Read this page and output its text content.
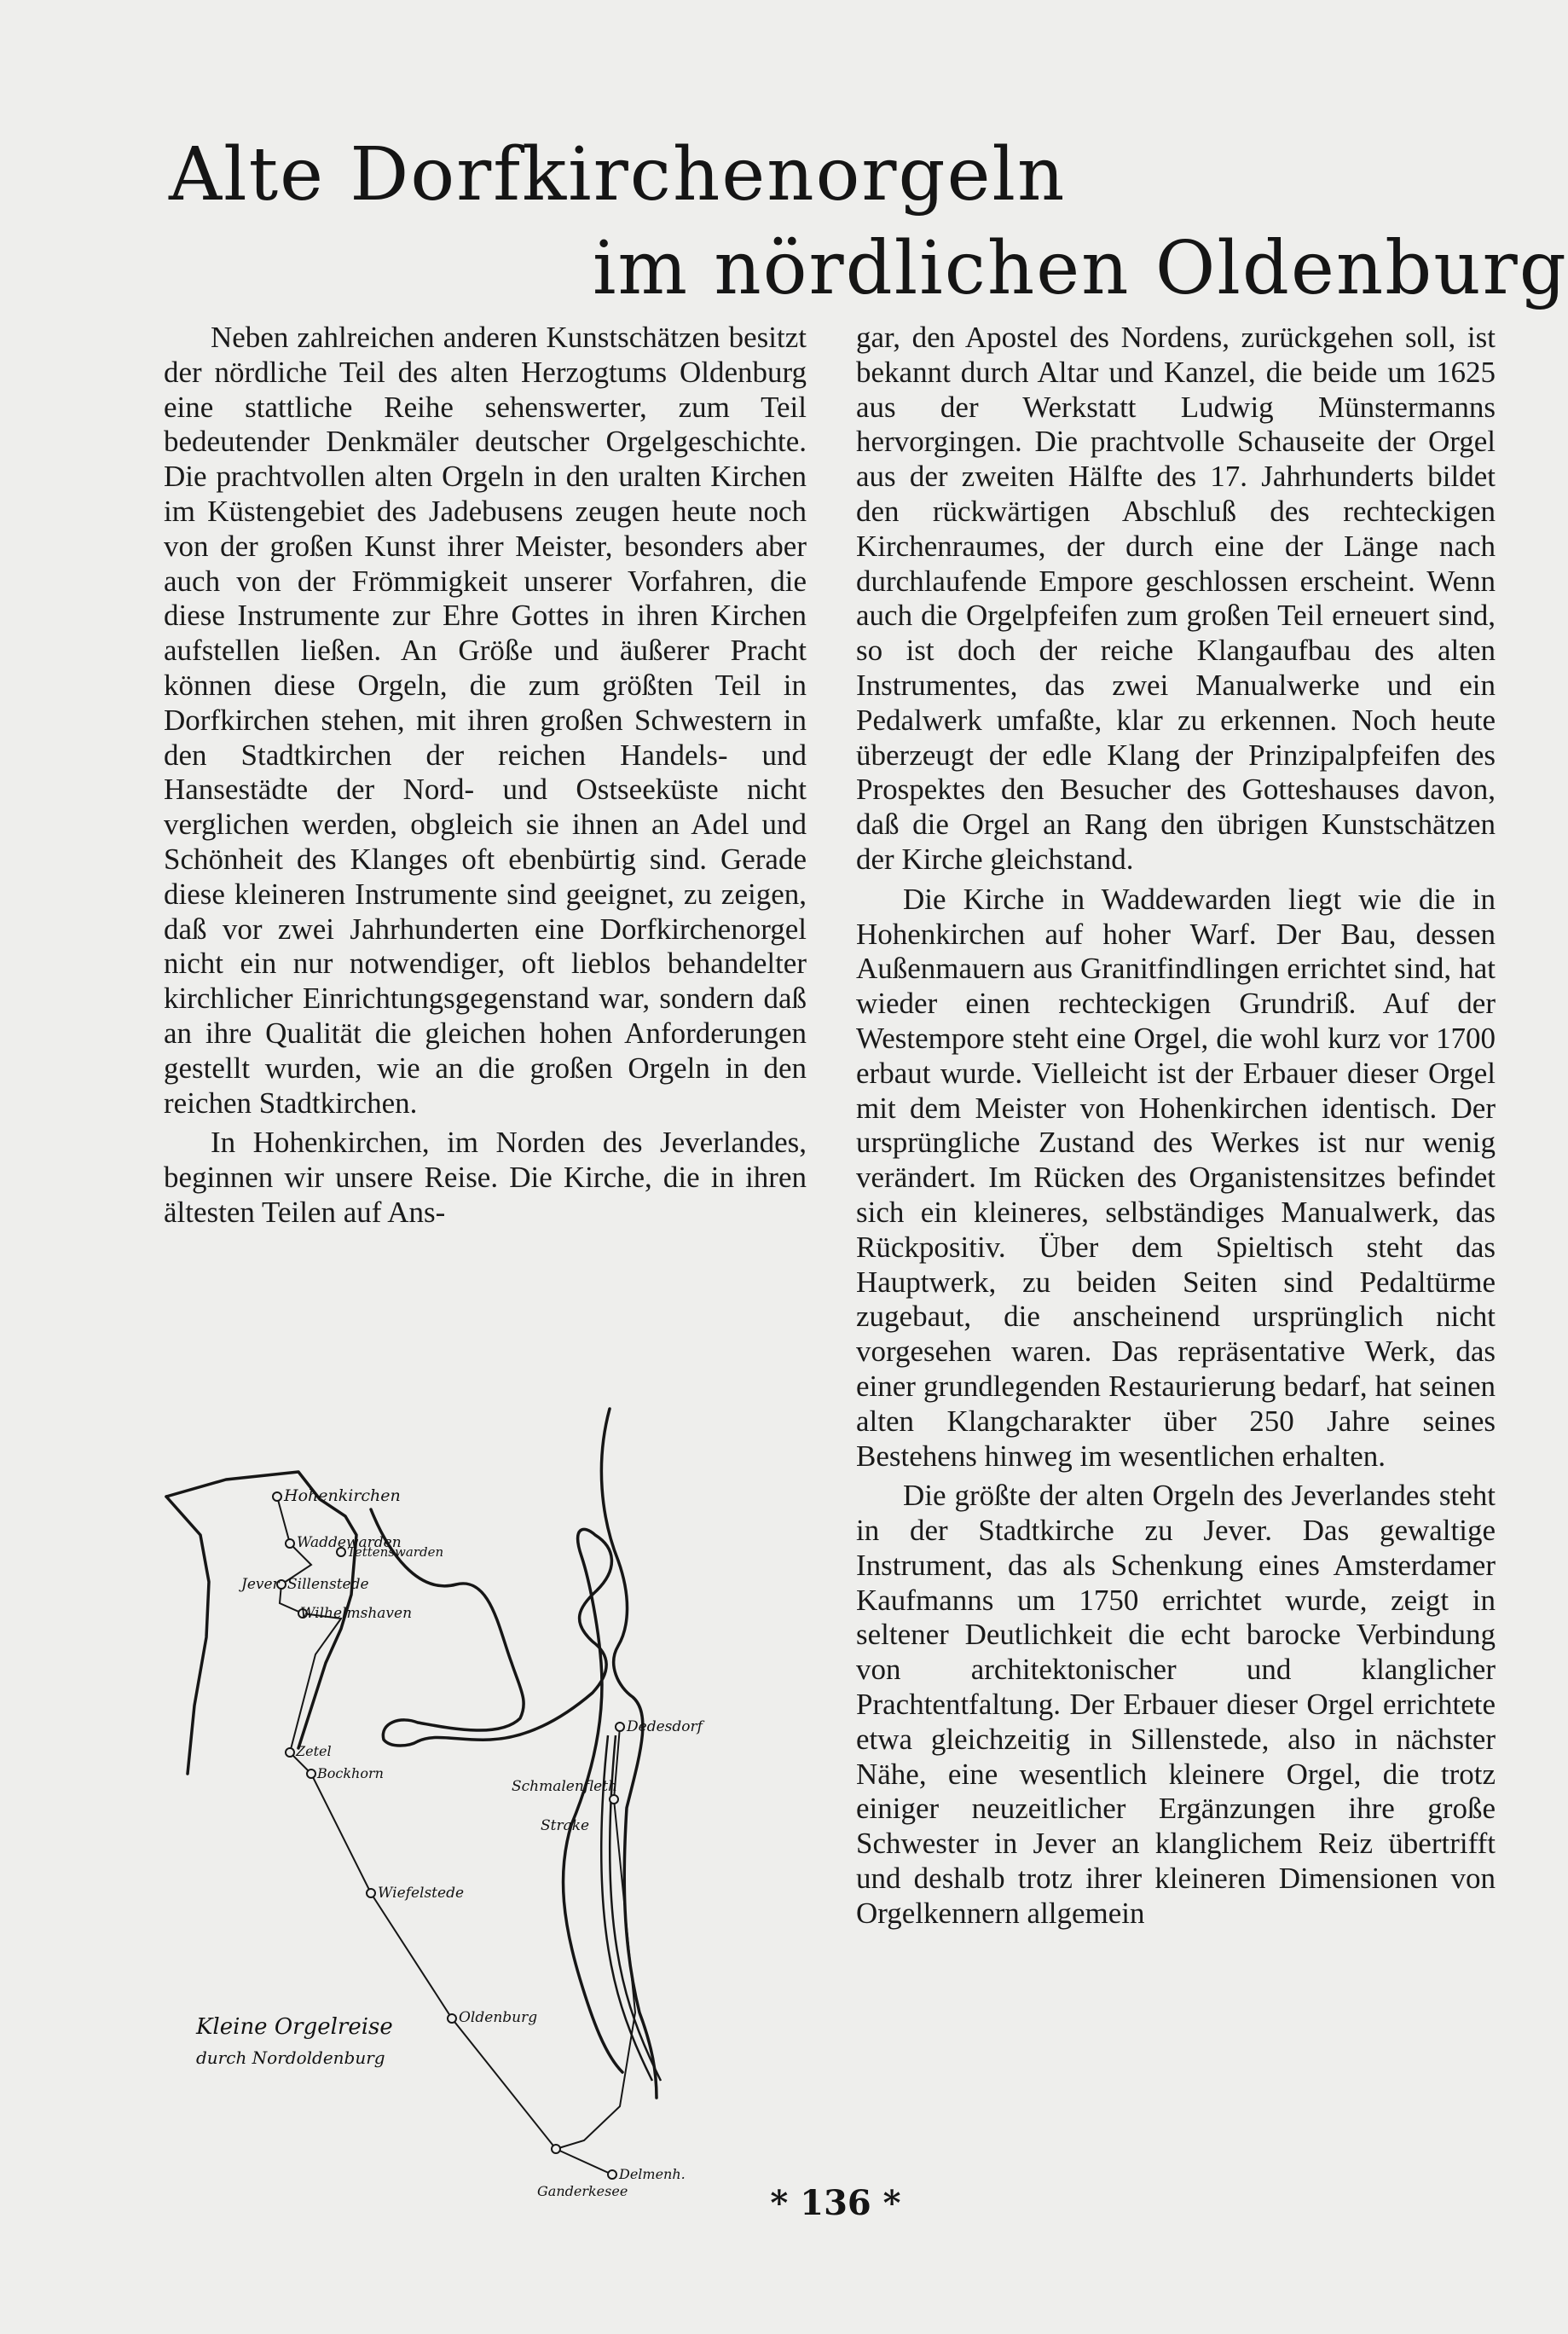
Alte Dorfkirchenorgeln
im nördlichen Oldenburg

Neben zahlreichen anderen Kunstschätzen besitzt der nördliche Teil des alten Herzogtums Oldenburg eine stattliche Reihe sehenswerter, zum Teil bedeutender Denkmäler deutscher Orgelgeschichte. Die prachtvollen alten Orgeln in den uralten Kirchen im Küstengebiet des Jadebusens zeugen heute noch von der großen Kunst ihrer Meister, besonders aber auch von der Frömmigkeit unserer Vorfahren, die diese Instrumente zur Ehre Gottes in ihren Kirchen aufstellen ließen. An Größe und äußerer Pracht können diese Orgeln, die zum größten Teil in Dorfkirchen stehen, mit ihren großen Schwestern in den Stadtkirchen der reichen Handels- und Hansestädte der Nord- und Ostseeküste nicht verglichen werden, obgleich sie ihnen an Adel und Schönheit des Klanges oft ebenbürtig sind. Gerade diese kleineren Instrumente sind geeignet, zu zeigen, daß vor zwei Jahrhunderten eine Dorfkirchenorgel nicht ein nur notwendiger, oft lieblos behandelter kirchlicher Einrichtungsgegenstand war, sondern daß an ihre Qualität die gleichen hohen Anforderungen gestellt wurden, wie an die großen Orgeln in den reichen Stadtkirchen.

In Hohenkirchen, im Norden des Jeverlandes, beginnen wir unsere Reise. Die Kirche, die in ihren ältesten Teilen auf Ans-

gar, den Apostel des Nordens, zurückgehen soll, ist bekannt durch Altar und Kanzel, die beide um 1625 aus der Werkstatt Ludwig Münstermanns hervorgingen. Die prachtvolle Schauseite der Orgel aus der zweiten Hälfte des 17. Jahrhunderts bildet den rückwärtigen Abschluß des rechteckigen Kirchenraumes, der durch eine der Länge nach durchlaufende Empore geschlossen erscheint. Wenn auch die Orgelpfeifen zum großen Teil erneuert sind, so ist doch der reiche Klangaufbau des alten Instrumentes, das zwei Manualwerke und ein Pedalwerk umfaßte, klar zu erkennen. Noch heute überzeugt der edle Klang der Prinzipalpfeifen des Prospektes den Besucher des Gotteshauses davon, daß die Orgel an Rang den übrigen Kunstschätzen der Kirche gleichstand.

Die Kirche in Waddewarden liegt wie die in Hohenkirchen auf hoher Warf. Der Bau, dessen Außenmauern aus Granitfindlingen errichtet sind, hat wieder einen rechteckigen Grundriß. Auf der Westempore steht eine Orgel, die wohl kurz vor 1700 erbaut wurde. Vielleicht ist der Erbauer dieser Orgel mit dem Meister von Hohenkirchen identisch. Der ursprüngliche Zustand des Werkes ist nur wenig verändert. Im Rücken des Organistensitzes befindet sich ein kleineres, selbständiges Manualwerk, das Rückpositiv. Über dem Spieltisch steht das Hauptwerk, zu beiden Seiten sind Pedaltürme zugebaut, die anscheinend ursprünglich nicht vorgesehen waren. Das repräsentative Werk, das einer grundlegenden Restaurierung bedarf, hat seinen alten Klangcharakter über 250 Jahre seines Bestehens hinweg im wesentlichen erhalten.

Die größte der alten Orgeln des Jeverlandes steht in der Stadtkirche zu Jever. Das gewaltige Instrument, das als Schenkung eines Amsterdamer Kaufmanns um 1750 errichtet wurde, zeigt in seltener Deutlichkeit die echt barocke Verbindung von architektonischer und klanglicher Prachtentfaltung. Der Erbauer dieser Orgel errichtete etwa gleichzeitig in Sillenstede, also in nächster Nähe, eine wesentlich kleinere Orgel, die trotz einiger neuzeitlicher Ergänzungen ihre große Schwester in Jever an klanglichem Reiz übertrifft und deshalb trotz ihrer kleineren Dimensionen von Orgelkennern allgemein

Hohenkirchen
Waddewarden
Tettenswarden
Jever Sillenstede
Wilhelmshaven
Zetel
Bockhorn
Dedesdorf
Schmalenfleth
Strake
Wiefelstede
Oldenburg
Delmenh.
Ganderkesee
Kleine Orgelreise
durch Nordoldenburg
* 136 *
